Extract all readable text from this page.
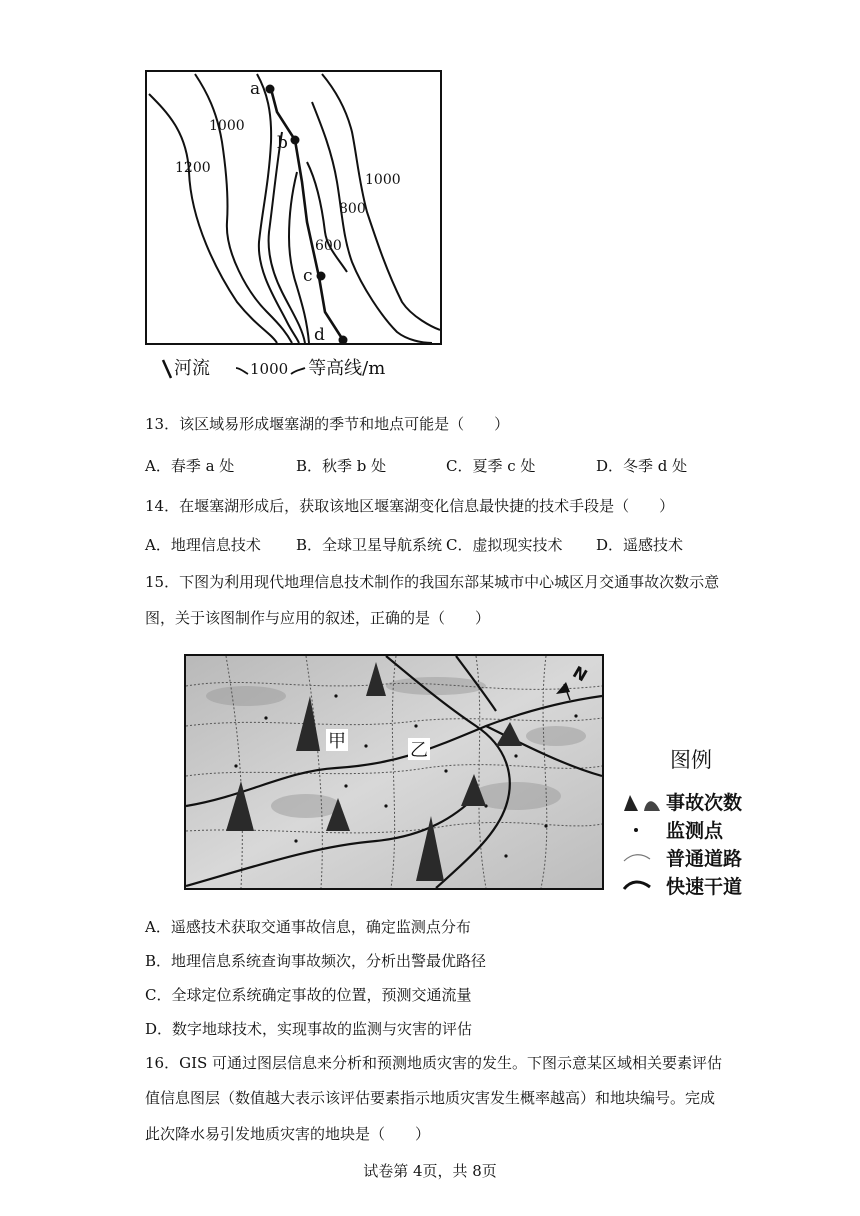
1000
1200
1000
800
600
a
b
c
d
河流	1000 等高线/m
13．该区域易形成堰塞湖的季节和地点可能是（　　）
A．春季 a 处	B．秋季 b 处	C．夏季 c 处	D．冬季 d 处
14．在堰塞湖形成后，获取该地区堰塞湖变化信息最快捷的技术手段是（　　）
A．地理信息技术 B．全球卫星导航系统 C．虚拟现实技术 D．遥感技术
15．下图为利用现代地理信息技术制作的我国东部某城市中心城区月交通事故次数示意
图，关于该图制作与应用的叙述，正确的是（　　）
N
甲	乙	图例
事故次数
监测点
普通道路
快速干道
A．遥感技术获取交通事故信息，确定监测点分布
B．地理信息系统查询事故频次，分析出警最优路径
C．全球定位系统确定事故的位置，预测交通流量
D．数字地球技术，实现事故的监测与灾害的评估
16．GIS 可通过图层信息来分析和预测地质灾害的发生。下图示意某区域相关要素评估
值信息图层（数值越大表示该评估要素指示地质灾害发生概率越高）和地块编号。完成
此次降水易引发地质灾害的地块是（　　）
试卷第 4页，共 8页
